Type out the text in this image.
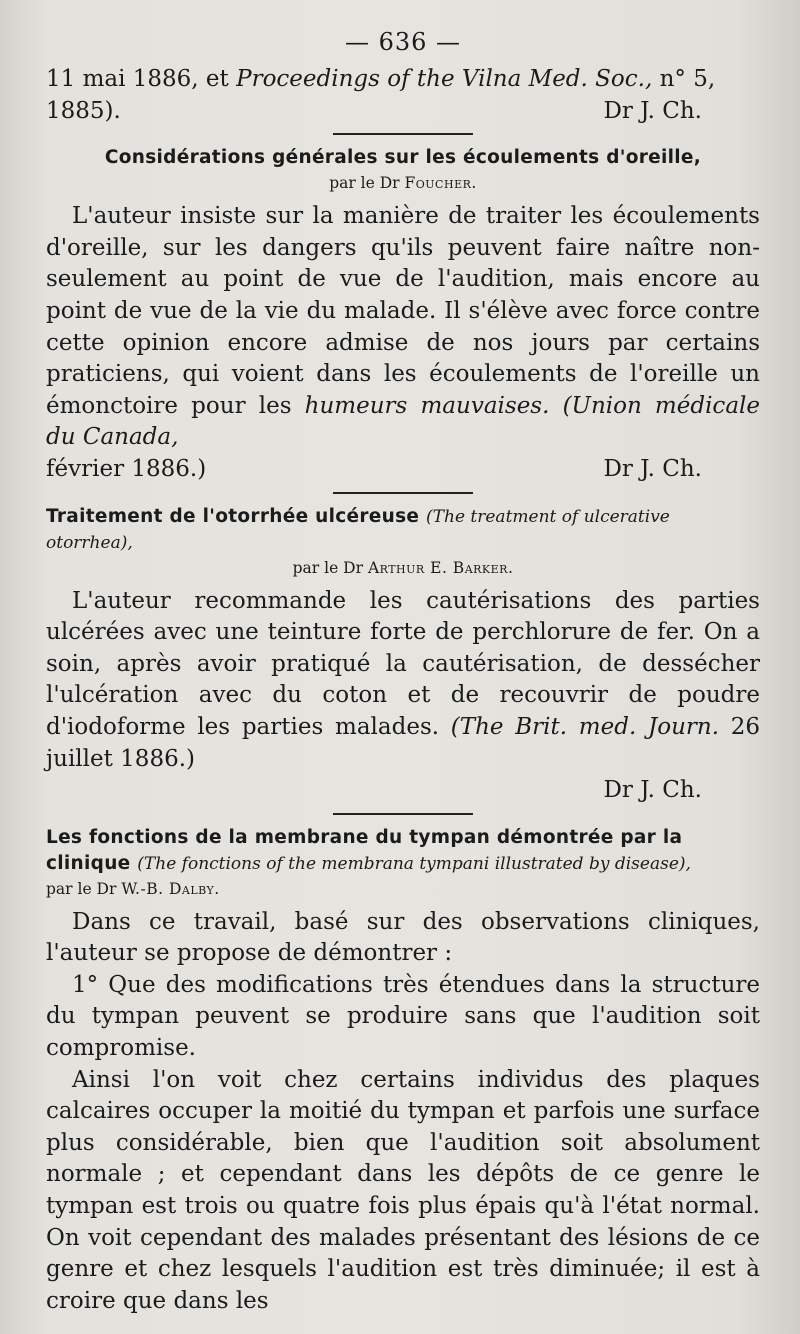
— 636 —

11 mai 1886, et Proceedings of the Vilna Med. Soc., n° 5,

1885).	Dr J. Ch.
Considérations générales sur les écoulements d'oreille,
par le Dr Foucher.

L'auteur insiste sur la manière de traiter les écoulements d'oreille, sur les dangers qu'ils peuvent faire naître non-seulement au point de vue de l'audition, mais encore au point de vue de la vie du malade. Il s'élève avec force contre cette opinion encore admise de nos jours par certains praticiens, qui voient dans les écoulements de l'oreille un émonctoire pour les humeurs mauvaises. (Union médicale du Canada,

février 1886.)	Dr J. Ch.
Traitement de l'otorrhée ulcéreuse (The treatment of ulcerative otorrhea),
par le Dr Arthur E. Barker.

L'auteur recommande les cautérisations des parties ulcérées avec une teinture forte de perchlorure de fer. On a soin, après avoir pratiqué la cautérisation, de dessécher l'ulcération avec du coton et de recouvrir de poudre d'iodoforme les parties malades. (The Brit. med. Journ. 26 juillet 1886.)

Dr J. Ch.
Les fonctions de la membrane du tympan démontrée par la clinique (The fonctions of the membrana tympani illustrated by disease),
par le Dr W.-B. Dalby.

Dans ce travail, basé sur des observations cliniques, l'auteur se propose de démontrer :

1° Que des modifications très étendues dans la structure du tympan peuvent se produire sans que l'audition soit compromise.

Ainsi l'on voit chez certains individus des plaques calcaires occuper la moitié du tympan et parfois une surface plus considérable, bien que l'audition soit absolument normale ; et cependant dans les dépôts de ce genre le tympan est trois ou quatre fois plus épais qu'à l'état normal. On voit cependant des malades présentant des lésions de ce genre et chez lesquels l'audition est très diminuée; il est à croire que dans les
